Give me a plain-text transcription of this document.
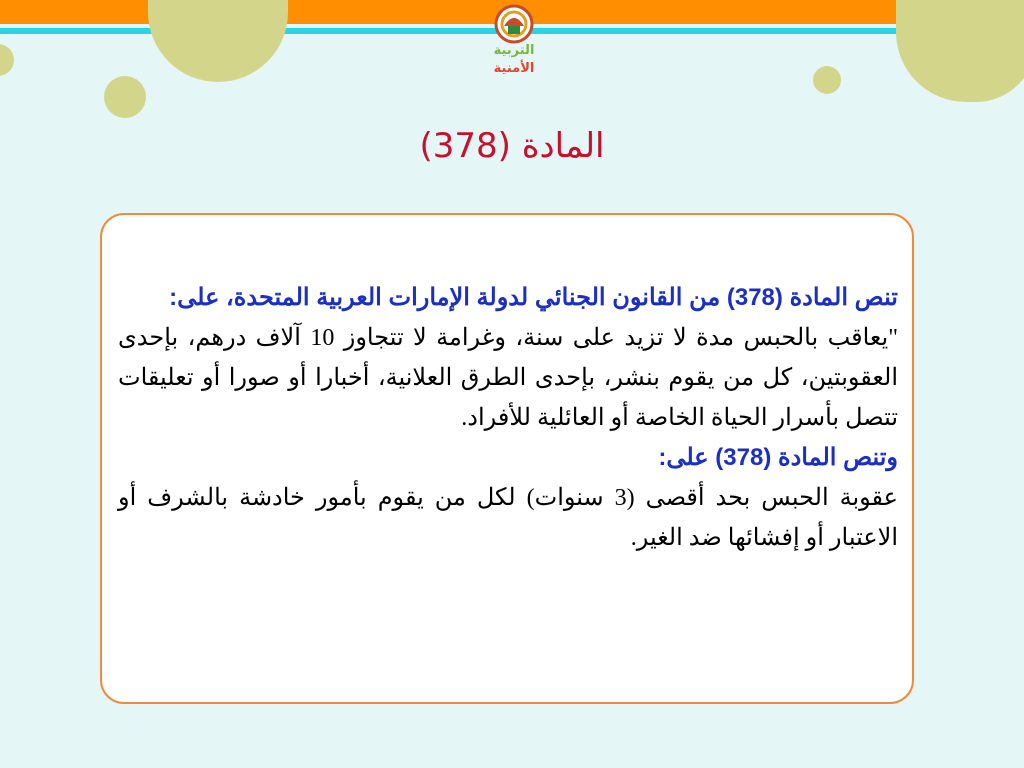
التربية
الأمنية
المادة (378)

تنص المادة (378) من القانون الجنائي لدولة الإمارات العربية المتحدة، على:

"يعاقب بالحبس مدة لا تزيد على سنة، وغرامة لا تتجاوز 10 آلاف درهم، بإحدى العقوبتين، كل من يقوم بنشر، بإحدى الطرق العلانية، أخبارا أو صورا أو تعليقات تتصل بأسرار الحياة الخاصة أو العائلية للأفراد.

وتنص المادة (378) على:

عقوبة الحبس بحد أقصى (3 سنوات) لكل من يقوم بأمور خادشة بالشرف أو الاعتبار أو إفشائها ضد الغير.
